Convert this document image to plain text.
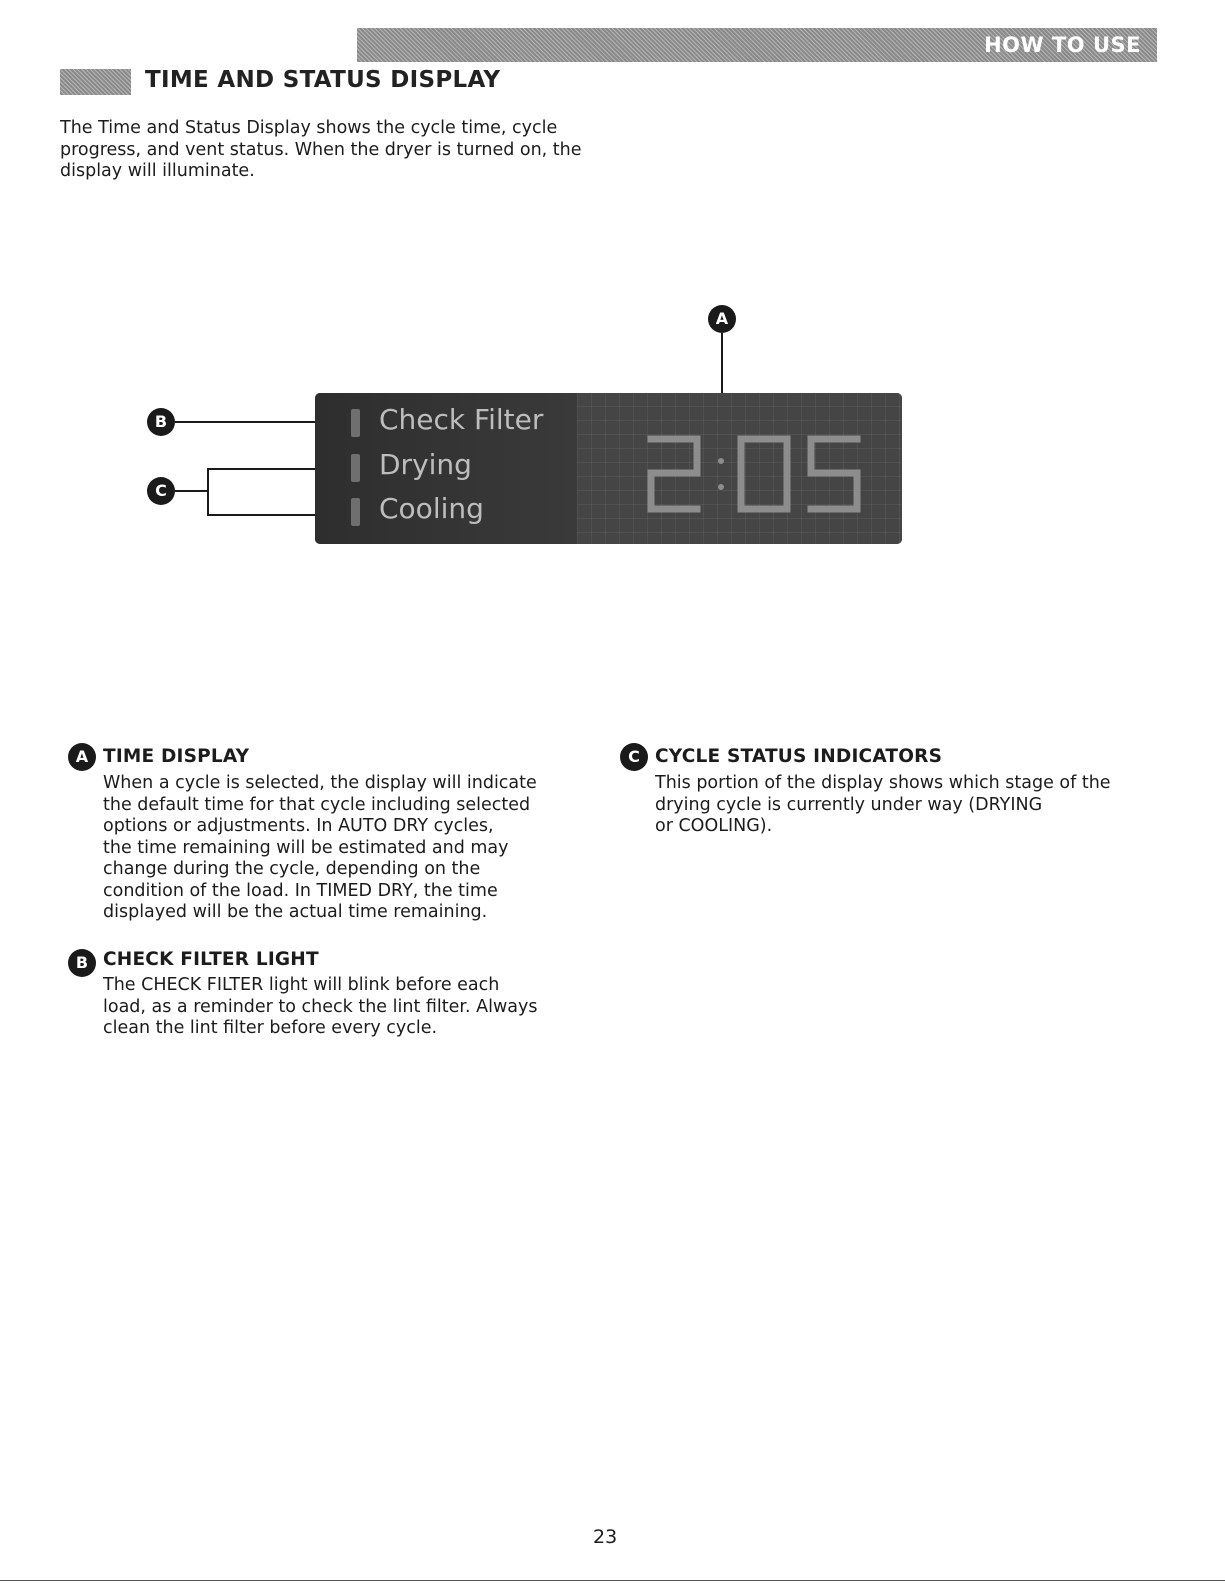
HOW TO USE
TIME AND STATUS DISPLAY
The Time and Status Display shows the cycle time, cycle progress, and vent status. When the dryer is turned on, the display will illuminate.
A
B
C
Check Filter
Drying
Cooling
A TIME DISPLAY
When a cycle is selected, the display will indicate
the default time for that cycle including selected
options or adjustments. In AUTO DRY cycles,
the time remaining will be estimated and may
change during the cycle, depending on the
condition of the load. In TIMED DRY, the time
displayed will be the actual time remaining.
B CHECK FILTER LIGHT
The CHECK FILTER light will blink before each
load, as a reminder to check the lint filter. Always
clean the lint filter before every cycle.
C CYCLE STATUS INDICATORS
This portion of the display shows which stage of the
drying cycle is currently under way (DRYING
or COOLING).
23
